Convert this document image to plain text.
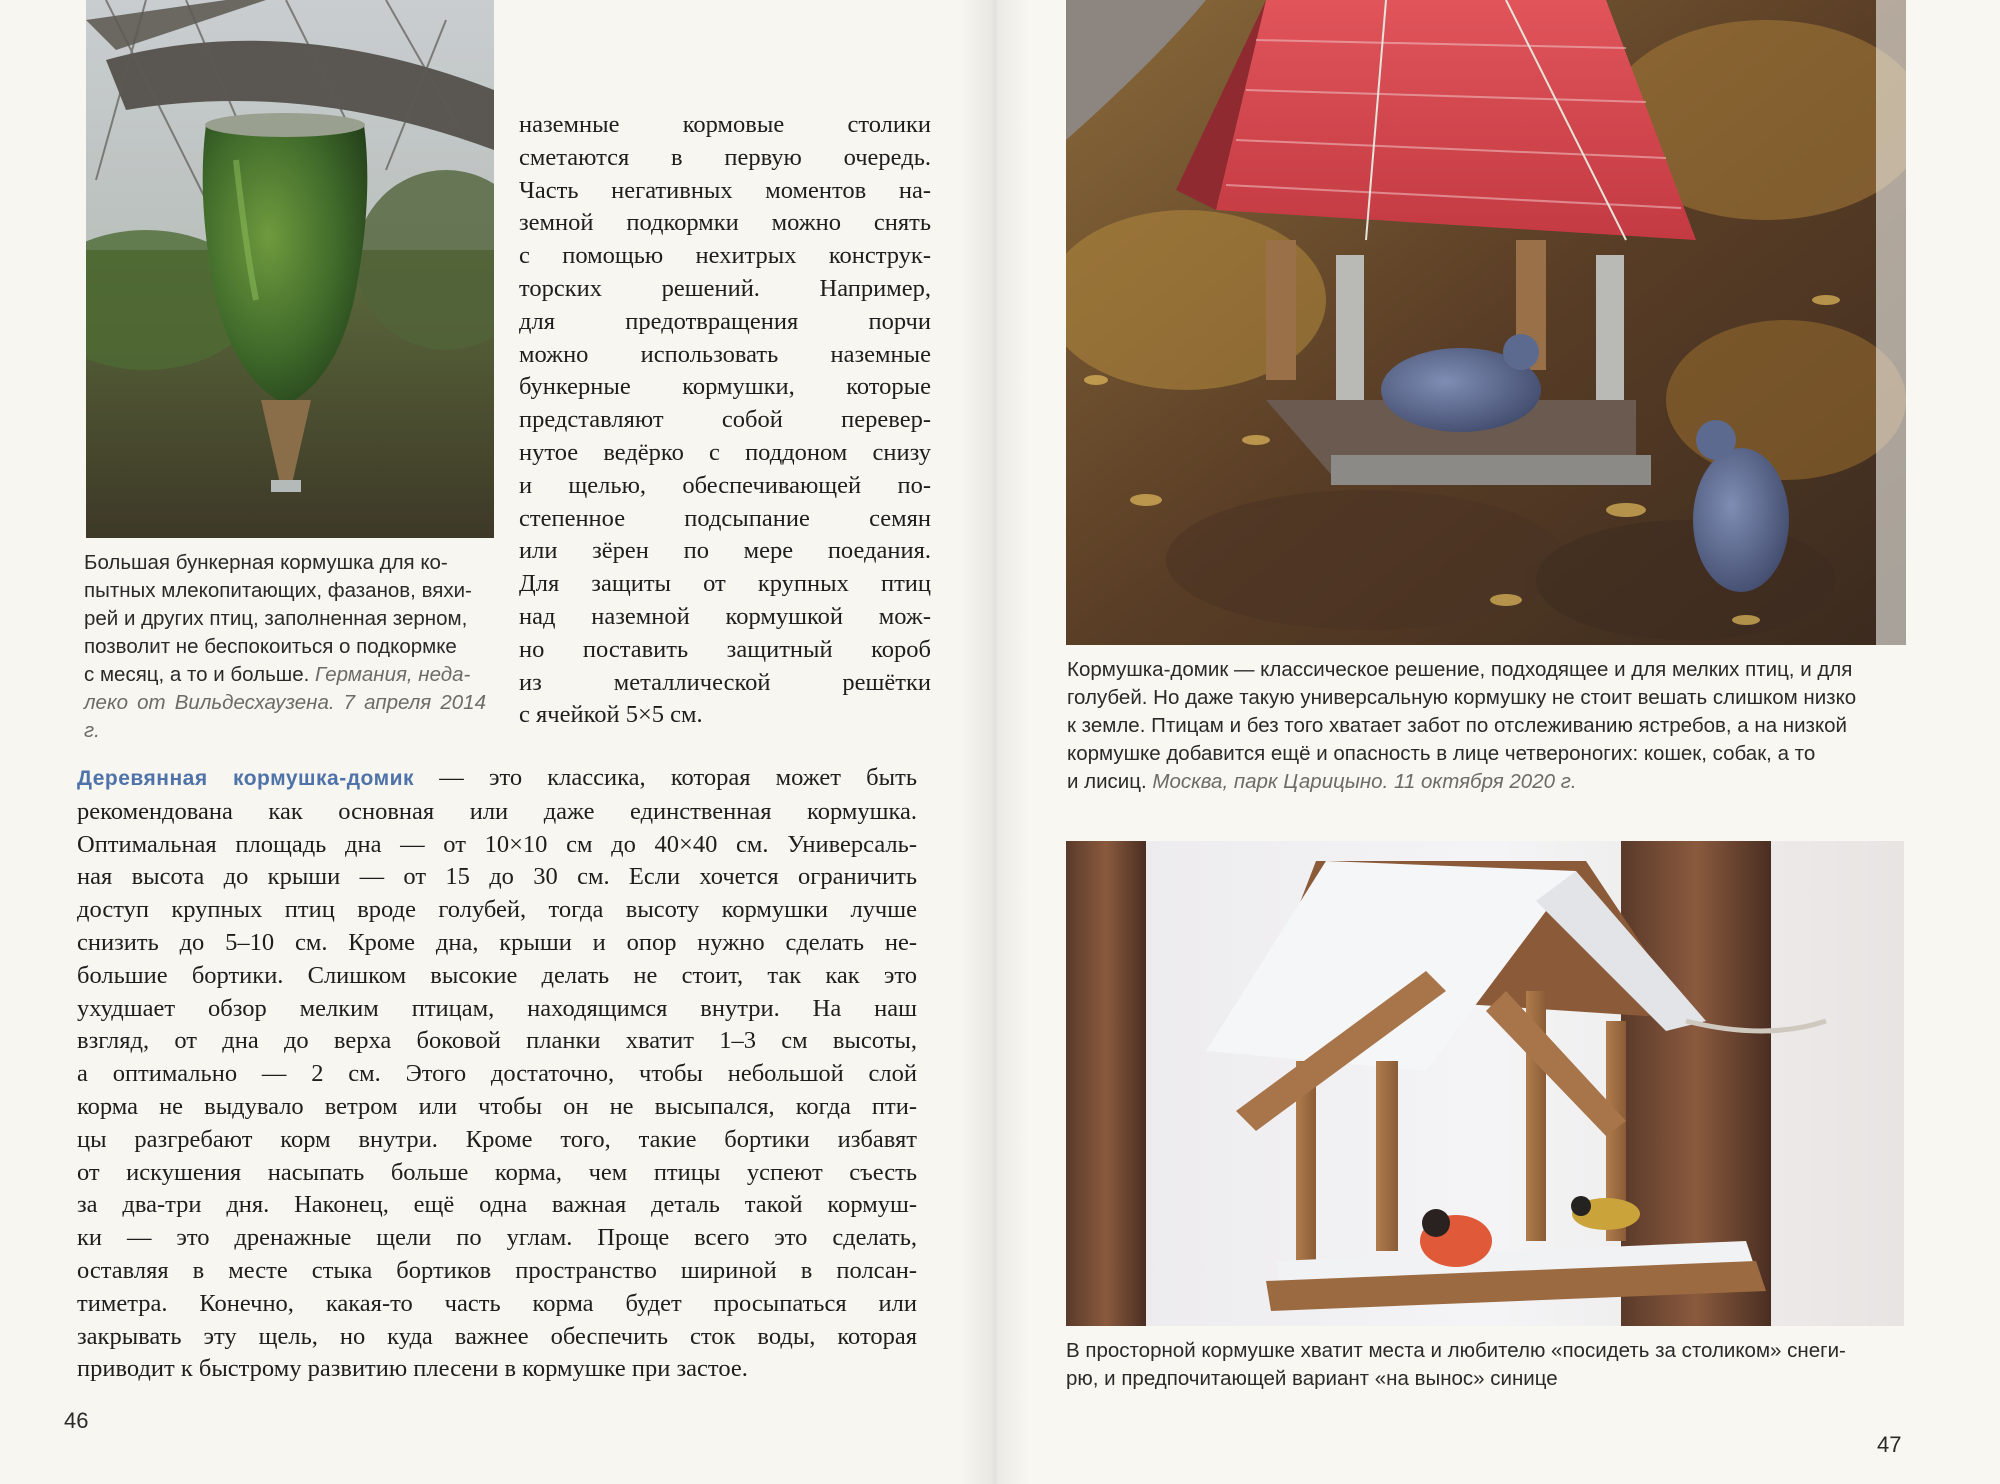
Большая бункерная кормушка для ко-
пытных млекопитающих, фазанов, вяхи-
рей и других птиц, заполненная зерном,
позволит не беспокоиться о подкормке
с месяц, а то и больше. Германия, неда-
леко от Вильдесхаузена. 7 апреля 2014 г.
наземные кормовые столики
сметаются в первую очередь.
Часть негативных моментов на-
земной подкормки можно снять
с помощью нехитрых конструк-
торских решений. Например,
для предотвращения порчи
можно использовать наземные
бункерные кормушки, которые
представляют собой перевер-
нутое ведёрко с поддоном снизу
и щелью, обеспечивающей по-
степенное подсыпание семян
или зёрен по мере поедания.
Для защиты от крупных птиц
над наземной кормушкой мож-
но поставить защитный короб
из металлической решётки
с ячейкой 5×5 см.
Деревянная кормушка-домик — это классика, которая может быть
рекомендована как основная или даже единственная кормушка.
Оптимальная площадь дна — от 10×10 см до 40×40 см. Универсаль-
ная высота до крыши — от 15 до 30 см. Если хочется ограничить
доступ крупных птиц вроде голубей, тогда высоту кормушки лучше
снизить до 5–10 см. Кроме дна, крыши и опор нужно сделать не-
большие бортики. Слишком высокие делать не стоит, так как это
ухудшает обзор мелким птицам, находящимся внутри. На наш
взгляд, от дна до верха боковой планки хватит 1–3 см высоты,
а оптимально — 2 см. Этого достаточно, чтобы небольшой слой
корма не выдувало ветром или чтобы он не высыпался, когда пти-
цы разгребают корм внутри. Кроме того, такие бортики избавят
от искушения насыпать больше корма, чем птицы успеют съесть
за два-три дня. Наконец, ещё одна важная деталь такой кормуш-
ки — это дренажные щели по углам. Проще всего это сделать,
оставляя в месте стыка бортиков пространство шириной в полсан-
тиметра. Конечно, какая-то часть корма будет просыпаться или
закрывать эту щель, но куда важнее обеспечить сток воды, которая
приводит к быстрому развитию плесени в кормушке при застое.
46
Кормушка-домик — классическое решение, подходящее и для мелких птиц, и для
голубей. Но даже такую универсальную кормушку не стоит вешать слишком низко
к земле. Птицам и без того хватает забот по отслеживанию ястребов, а на низкой
кормушке добавится ещё и опасность в лице четвероногих: кошек, собак, а то
и лисиц. Москва, парк Царицыно. 11 октября 2020 г.
В просторной кормушке хватит места и любителю «посидеть за столиком» снеги-
рю, и предпочитающей вариант «на вынос» синице
47
